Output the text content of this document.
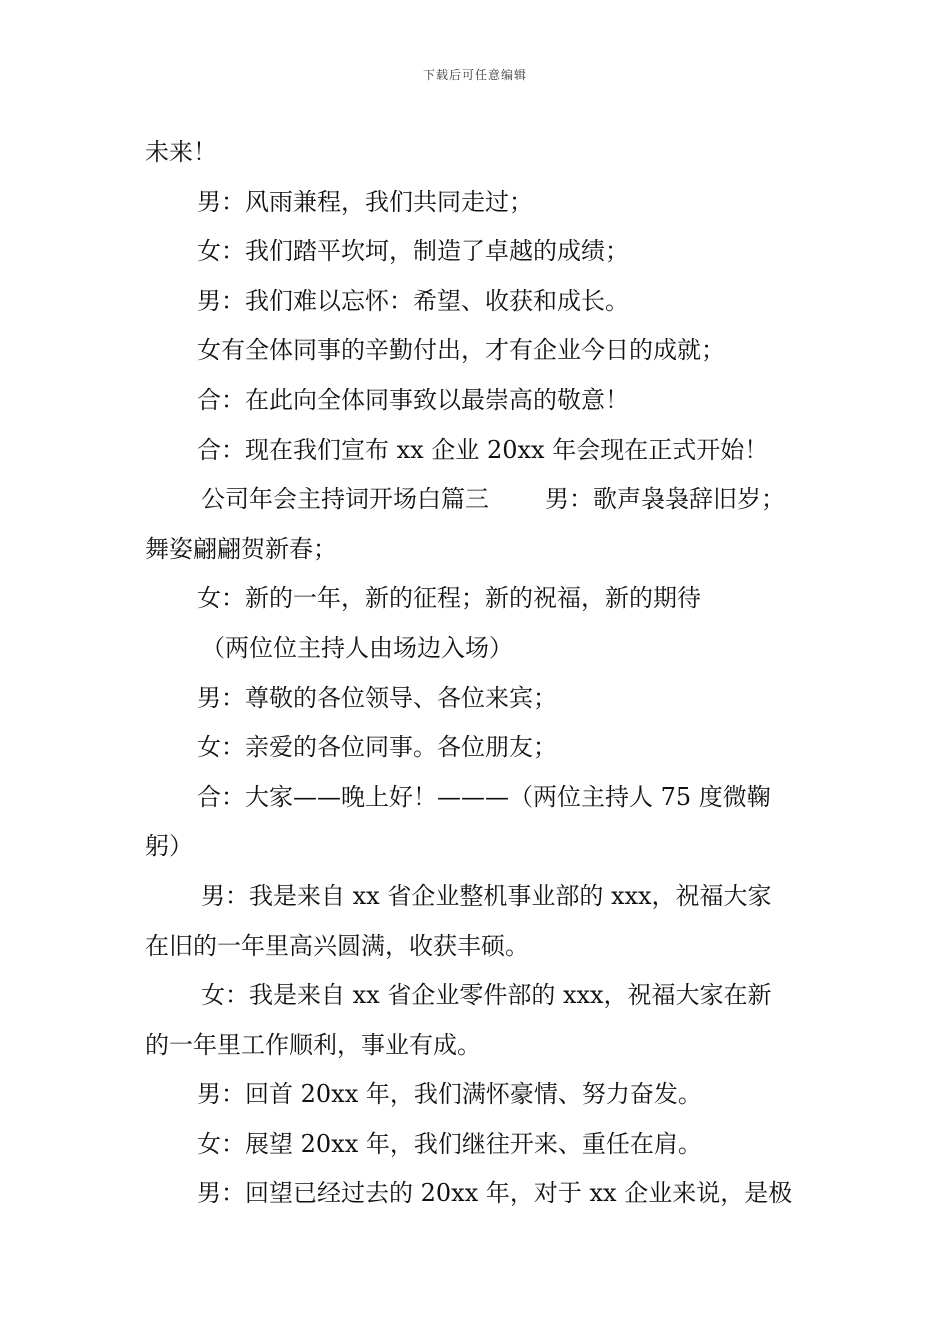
下载后可任意编辑
未来！
男：风雨兼程，我们共同走过；
女：我们踏平坎坷，制造了卓越的成绩；
男：我们难以忘怀：希望、收获和成长。
女有全体同事的辛勤付出，才有企业今日的成就；
合：在此向全体同事致以最崇高的敬意！
合：现在我们宣布 xx 企业 20xx 年会现在正式开始！
公司年会主持词开场白篇三 男：歌声袅袅辞旧岁；
舞姿翩翩贺新春；
女：新的一年，新的征程；新的祝福，新的期待
（两位位主持人由场边入场）
男：尊敬的各位领导、各位来宾；
女：亲爱的各位同事。各位朋友；
合：大家——晚上好！———（两位主持人 75 度微鞠
躬）
男：我是来自 xx 省企业整机事业部的 xxx，祝福大家
在旧的一年里高兴圆满，收获丰硕。
女：我是来自 xx 省企业零件部的 xxx，祝福大家在新
的一年里工作顺利，事业有成。
男：回首 20xx 年，我们满怀豪情、努力奋发。
女：展望 20xx 年，我们继往开来、重任在肩。
男：回望已经过去的 20xx 年，对于 xx 企业来说，是极
